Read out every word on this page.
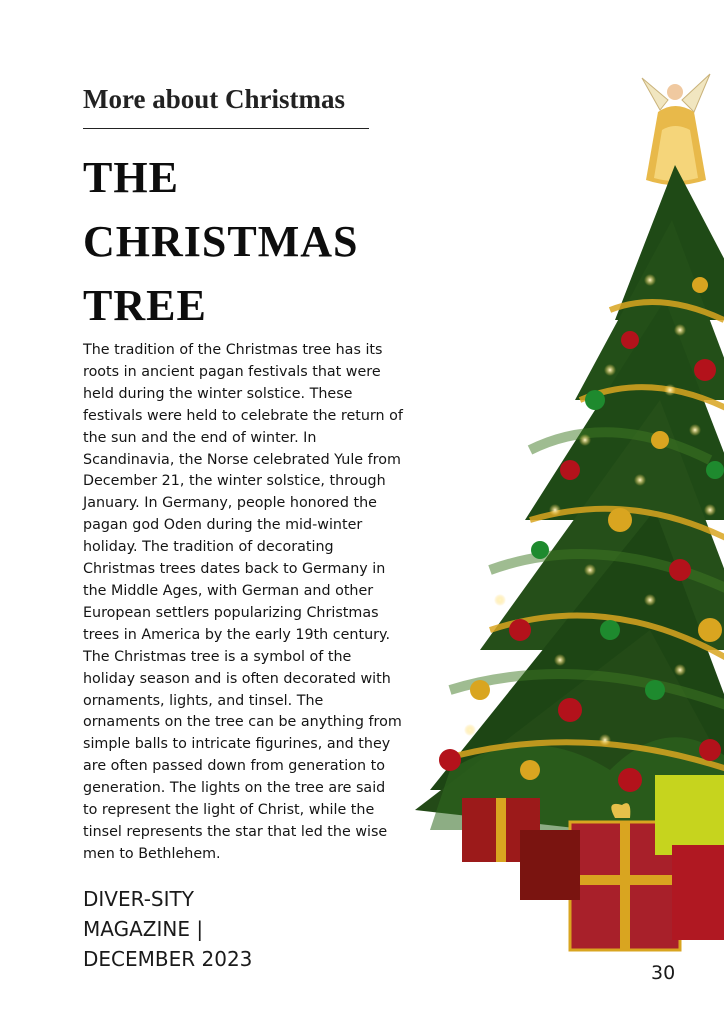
More about Christmas
THE
CHRISTMAS
TREE

The tradition of the Christmas tree has its roots in ancient pagan festivals that were held during the winter solstice. These festivals were held to celebrate the return of the sun and the end of winter. In Scandinavia, the Norse celebrated Yule from December 21, the winter solstice, through January. In Germany, people honored the pagan god Oden during the mid-winter holiday. The tradition of decorating Christmas trees dates back to Germany in the Middle Ages, with German and other European settlers popularizing Christmas trees in America by the early 19th century.

The Christmas tree is a symbol of the holiday season and is often decorated with ornaments, lights, and tinsel. The ornaments on the tree can be anything from simple balls to intricate figurines, and they are often passed down from generation to generation. The lights on the tree are said to represent the light of Christ, while the tinsel represents the star that led the wise men to Bethlehem.

DIVER-SITY
MAGAZINE |
DECEMBER 2023
30
